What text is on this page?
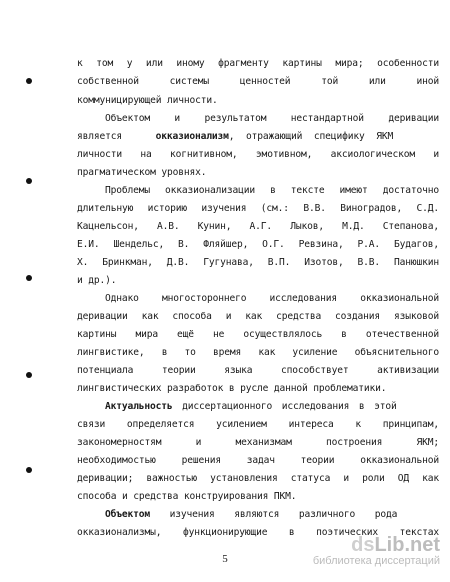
к том у или иному фрагменту картины мира; особенности
собственной системы ценностей той или иной
коммуницирующей личности.
Объектом и результатом нестандартной деривации
является	окказионализм, отражающий специфику ЯКМ
личности на когнитивном, эмотивном, аксиологическом и
прагматическом уровнях.
Проблемы окказионализации в тексте имеют достаточно
длительную историю изучения (см.: В.В. Виноградов, С.Д.
Кацнельсон, А.В. Кунин, А.Г. Лыков, М.Д. Степанова,
Е.И. Шендельс, В. Фляйшер, О.Г. Ревзина, Р.А. Будагов,
Х. Бринкман, Д.В. Гугунава, В.П. Изотов, В.В. Панюшкин
и др.).
Однако многостороннего исследования окказиональной
деривации как способа и как средства создания языковой
картины мира ещё не осуществлялось в отечественной
лингвистике, в то время как усиление объяснительного
потенциала теории языка способствует активизации
лингвистических разработок в русле данной проблематики.
Актуальность диссертационного исследования в этой
связи определяется усилением интереса к принципам,
закономерностям и механизмам построения ЯКМ;
необходимостью решения задач теории окказиональной
деривации; важностью установления статуса и роли ОД как
способа и средства конструирования ПКМ.
Объектом изучения являются различного рода
окказионализмы, функционирующие в поэтических текстах
5
dsLib.net
библиотека диссертаций
